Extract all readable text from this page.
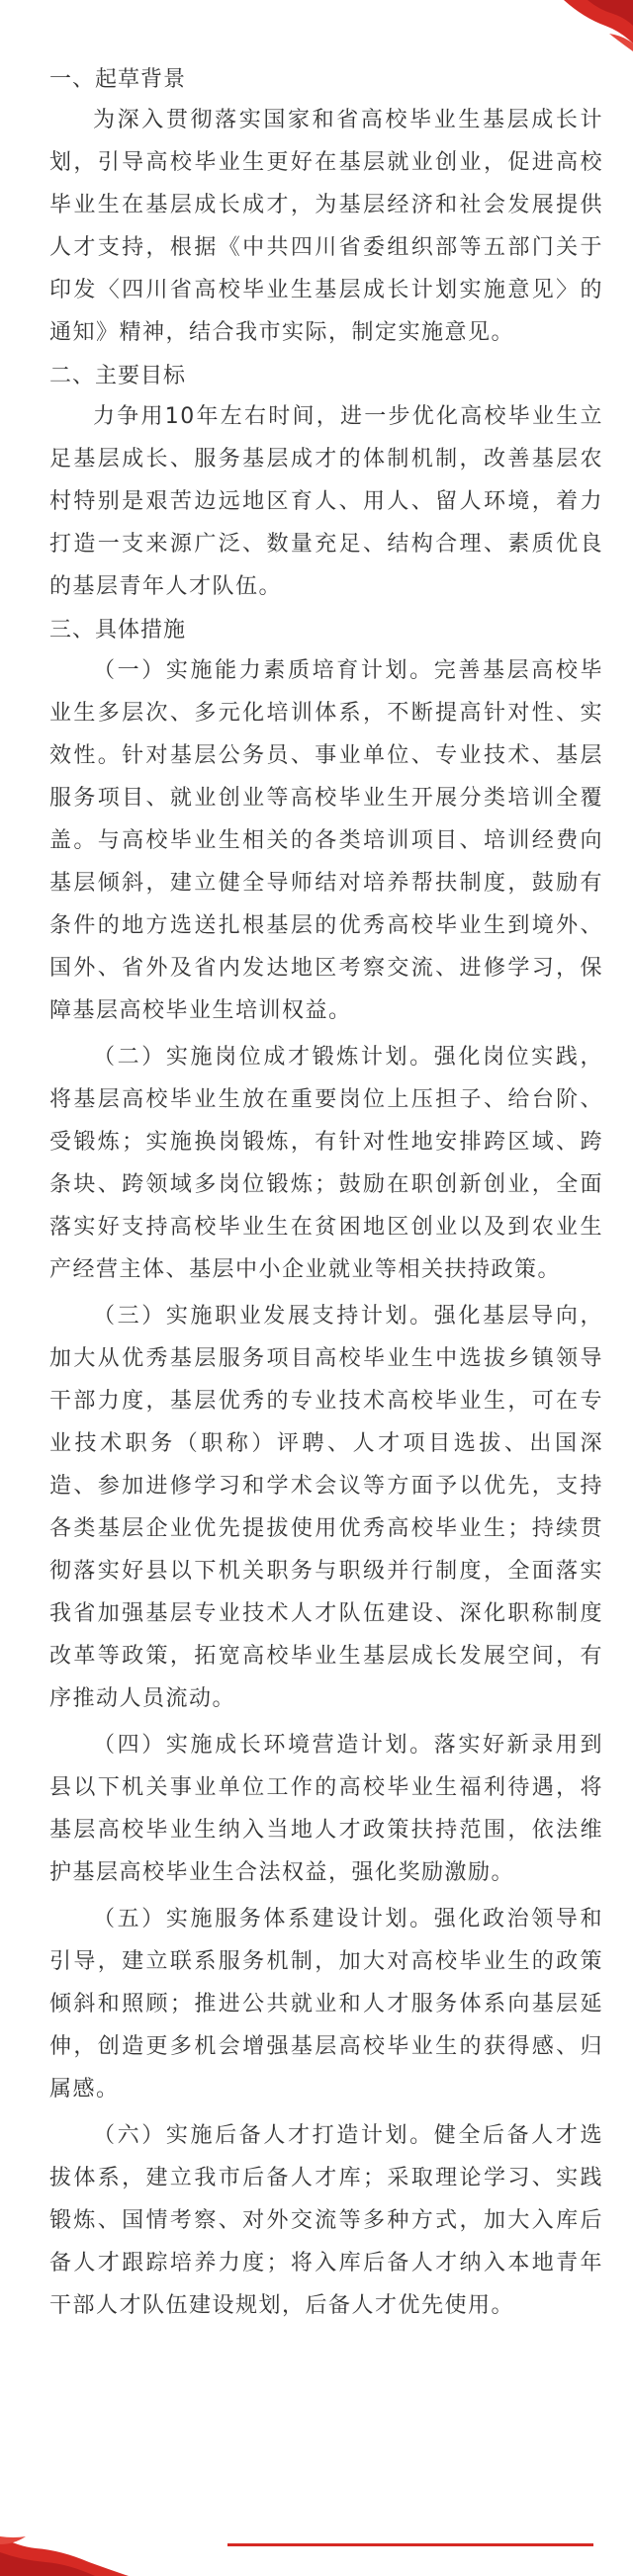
一、起草背景

为深入贯彻落实国家和省高校毕业生基层成长计划，引导高校毕业生更好在基层就业创业，促进高校毕业生在基层成长成才，为基层经济和社会发展提供人才支持，根据《中共四川省委组织部等五部门关于印发〈四川省高校毕业生基层成长计划实施意见〉的通知》精神，结合我市实际，制定实施意见。

二、主要目标

力争用10年左右时间，进一步优化高校毕业生立足基层成长、服务基层成才的体制机制，改善基层农村特别是艰苦边远地区育人、用人、留人环境，着力打造一支来源广泛、数量充足、结构合理、素质优良的基层青年人才队伍。

三、具体措施

（一）实施能力素质培育计划。完善基层高校毕业生多层次、多元化培训体系，不断提高针对性、实效性。针对基层公务员、事业单位、专业技术、基层服务项目、就业创业等高校毕业生开展分类培训全覆盖。与高校毕业生相关的各类培训项目、培训经费向基层倾斜，建立健全导师结对培养帮扶制度，鼓励有条件的地方选送扎根基层的优秀高校毕业生到境外、国外、省外及省内发达地区考察交流、进修学习，保障基层高校毕业生培训权益。

（二）实施岗位成才锻炼计划。强化岗位实践，将基层高校毕业生放在重要岗位上压担子、给台阶、受锻炼；实施换岗锻炼，有针对性地安排跨区域、跨条块、跨领域多岗位锻炼；鼓励在职创新创业，全面落实好支持高校毕业生在贫困地区创业以及到农业生产经营主体、基层中小企业就业等相关扶持政策。

（三）实施职业发展支持计划。强化基层导向，加大从优秀基层服务项目高校毕业生中选拔乡镇领导干部力度，基层优秀的专业技术高校毕业生，可在专业技术职务（职称）评聘、人才项目选拔、出国深造、参加进修学习和学术会议等方面予以优先，支持各类基层企业优先提拔使用优秀高校毕业生；持续贯彻落实好县以下机关职务与职级并行制度，全面落实我省加强基层专业技术人才队伍建设、深化职称制度改革等政策，拓宽高校毕业生基层成长发展空间，有序推动人员流动。

（四）实施成长环境营造计划。落实好新录用到县以下机关事业单位工作的高校毕业生福利待遇，将基层高校毕业生纳入当地人才政策扶持范围，依法维护基层高校毕业生合法权益，强化奖励激励。

（五）实施服务体系建设计划。强化政治领导和引导，建立联系服务机制，加大对高校毕业生的政策倾斜和照顾；推进公共就业和人才服务体系向基层延伸，创造更多机会增强基层高校毕业生的获得感、归属感。

（六）实施后备人才打造计划。健全后备人才选拔体系，建立我市后备人才库；采取理论学习、实践锻炼、国情考察、对外交流等多种方式，加大入库后备人才跟踪培养力度；将入库后备人才纳入本地青年干部人才队伍建设规划，后备人才优先使用。
